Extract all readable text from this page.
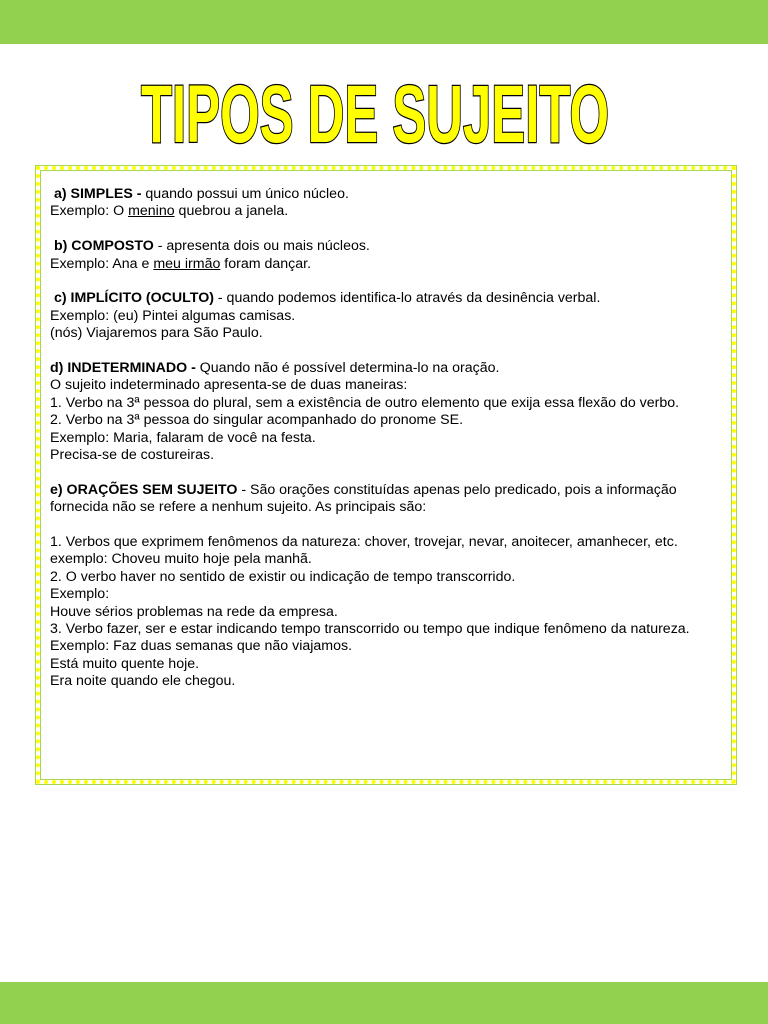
TIPOS DE SUJEITO

a) SIMPLES - quando possui um único núcleo.
Exemplo: O menino quebrou a janela.

b) COMPOSTO - apresenta dois ou mais núcleos.
Exemplo: Ana e meu irmão foram dançar.

c) IMPLÍCITO (OCULTO) - quando podemos identifica-lo através da desinência verbal.
Exemplo: (eu) Pintei algumas camisas.
(nós) Viajaremos para São Paulo.

d) INDETERMINADO - Quando não é possível determina-lo na oração.
O sujeito indeterminado apresenta-se de duas maneiras:
1. Verbo na 3ª pessoa do plural, sem a existência de outro elemento que exija essa flexão do verbo.
2. Verbo na 3ª pessoa do singular acompanhado do pronome SE.
Exemplo: Maria, falaram de você na festa.
Precisa-se de costureiras.

e) ORAÇÕES SEM SUJEITO - São orações constituídas apenas pelo predicado, pois a informação fornecida não se refere a nenhum sujeito. As principais são:

1. Verbos que exprimem fenômenos da natureza: chover, trovejar, nevar, anoitecer, amanhecer, etc.
exemplo: Choveu muito hoje pela manhã.
2. O verbo haver no sentido de existir ou indicação de tempo transcorrido.
Exemplo:
Houve sérios problemas na rede da empresa.
3. Verbo fazer, ser e estar indicando tempo transcorrido ou tempo que indique fenômeno da natureza.
Exemplo: Faz duas semanas que não viajamos.
Está muito quente hoje.
Era noite quando ele chegou.
